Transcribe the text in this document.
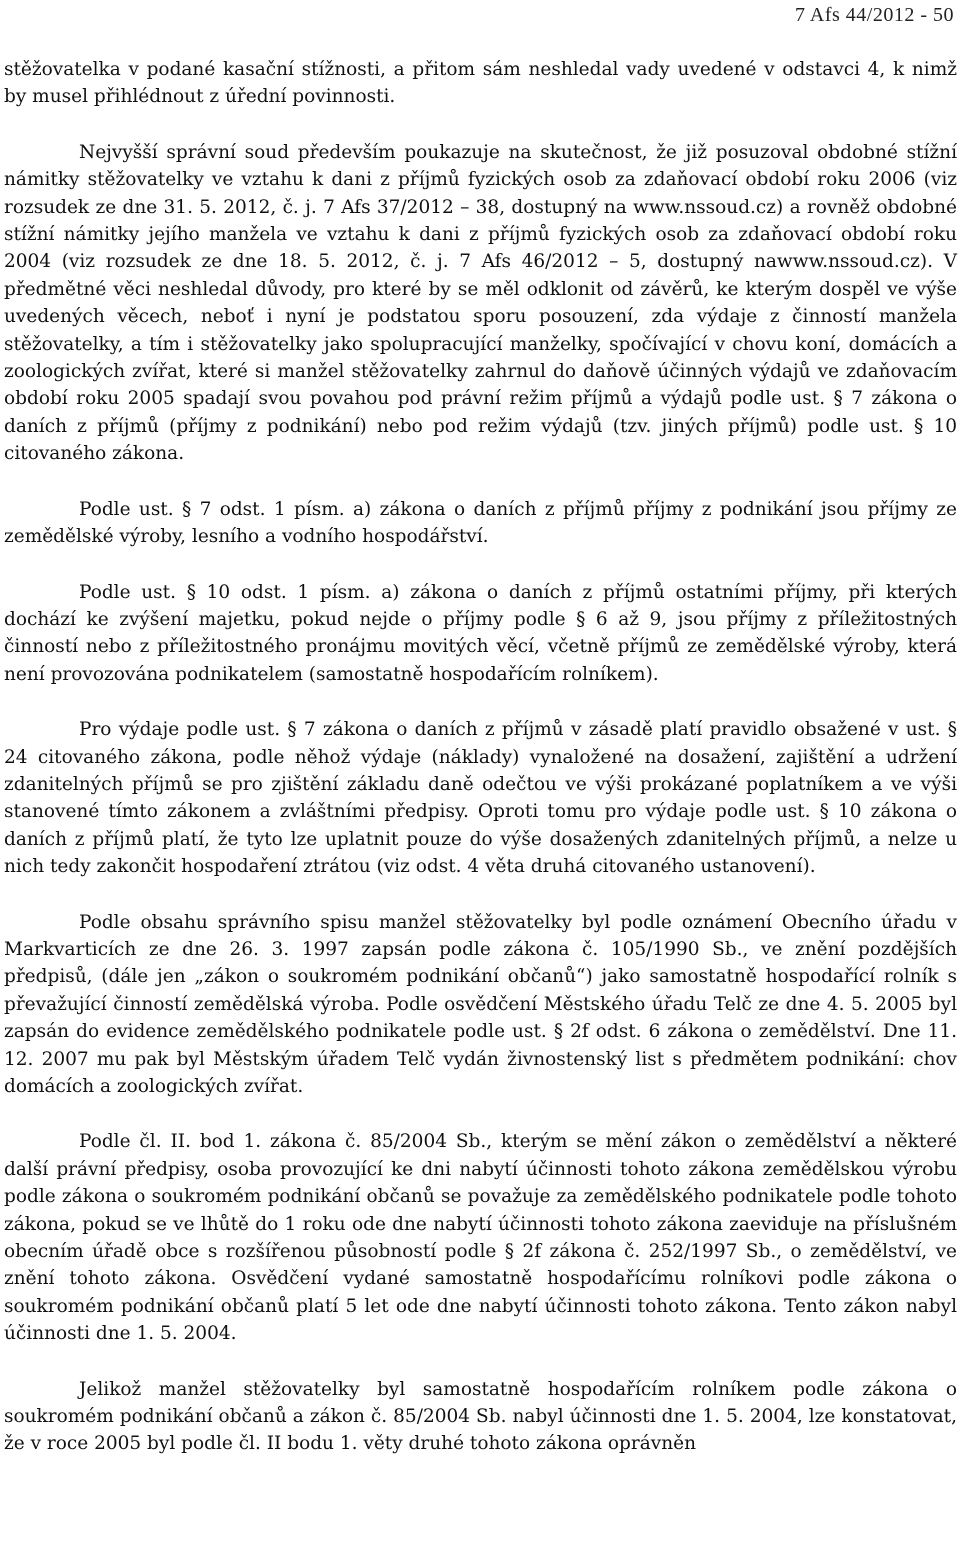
7 Afs 44/2012 - 50

stěžovatelka v podané kasační stížnosti, a přitom sám neshledal vady uvedené v odstavci 4, k nimž by musel přihlédnout z úřední povinnosti.

Nejvyšší správní soud především poukazuje na skutečnost, že již posuzoval obdobné stížní námitky stěžovatelky ve vztahu k dani z příjmů fyzických osob za zdaňovací období roku 2006 (viz rozsudek ze dne 31. 5. 2012, č. j. 7 Afs 37/2012 – 38, dostupný na www.nssoud.cz) a rovněž obdobné stížní námitky jejího manžela ve vztahu k dani z příjmů fyzických osob za zdaňovací období roku 2004 (viz rozsudek ze dne 18. 5. 2012, č. j. 7 Afs 46/2012 – 5, dostupný nawww.nssoud.cz). V předmětné věci neshledal důvody, pro které by se měl odklonit od závěrů, ke kterým dospěl ve výše uvedených věcech, neboť i nyní je podstatou sporu posouzení, zda výdaje z činností manžela stěžovatelky, a tím i stěžovatelky jako spolupracující manželky, spočívající v chovu koní, domácích a zoologických zvířat, které si manžel stěžovatelky zahrnul do daňově účinných výdajů ve zdaňovacím období roku 2005 spadají svou povahou pod právní režim příjmů a výdajů podle ust. § 7 zákona o daních z příjmů (příjmy z podnikání) nebo pod režim výdajů (tzv. jiných příjmů) podle ust. § 10 citovaného zákona.

Podle ust. § 7 odst. 1 písm. a) zákona o daních z příjmů příjmy z podnikání jsou příjmy ze zemědělské výroby, lesního a vodního hospodářství.

Podle ust. § 10 odst. 1 písm. a) zákona o daních z příjmů ostatními příjmy, při kterých dochází ke zvýšení majetku, pokud nejde o příjmy podle § 6 až 9, jsou příjmy z příležitostných činností nebo z příležitostného pronájmu movitých věcí, včetně příjmů ze zemědělské výroby, která není provozována podnikatelem (samostatně hospodařícím rolníkem).

Pro výdaje podle ust. § 7 zákona o daních z příjmů v zásadě platí pravidlo obsažené v ust. § 24 citovaného zákona, podle něhož výdaje (náklady) vynaložené na dosažení, zajištění a udržení zdanitelných příjmů se pro zjištění základu daně odečtou ve výši prokázané poplatníkem a ve výši stanovené tímto zákonem a zvláštními předpisy. Oproti tomu pro výdaje podle ust. § 10 zákona o daních z příjmů platí, že tyto lze uplatnit pouze do výše dosažených zdanitelných příjmů, a nelze u nich tedy zakončit hospodaření ztrátou (viz odst. 4 věta druhá citovaného ustanovení).

Podle obsahu správního spisu manžel stěžovatelky byl podle oznámení Obecního úřadu v Markvarticích ze dne 26. 3. 1997 zapsán podle zákona č. 105/1990 Sb., ve znění pozdějších předpisů, (dále jen „zákon o soukromém podnikání občanů“) jako samostatně hospodařící rolník s převažující činností zemědělská výroba. Podle osvědčení Městského úřadu Telč ze dne 4. 5. 2005 byl zapsán do evidence zemědělského podnikatele podle ust. § 2f odst. 6 zákona o zemědělství. Dne 11. 12. 2007 mu pak byl Městským úřadem Telč vydán živnostenský list s předmětem podnikání: chov domácích a zoologických zvířat.

Podle čl. II. bod 1. zákona č. 85/2004 Sb., kterým se mění zákon o zemědělství a některé další právní předpisy, osoba provozující ke dni nabytí účinnosti tohoto zákona zemědělskou výrobu podle zákona o soukromém podnikání občanů se považuje za zemědělského podnikatele podle tohoto zákona, pokud se ve lhůtě do 1 roku ode dne nabytí účinnosti tohoto zákona zaeviduje na příslušném obecním úřadě obce s rozšířenou působností podle § 2f zákona č. 252/1997 Sb., o zemědělství, ve znění tohoto zákona. Osvědčení vydané samostatně hospodařícímu rolníkovi podle zákona o soukromém podnikání občanů platí 5 let ode dne nabytí účinnosti tohoto zákona. Tento zákon nabyl účinnosti dne 1. 5. 2004.

Jelikož manžel stěžovatelky byl samostatně hospodařícím rolníkem podle zákona o soukromém podnikání občanů a zákon č. 85/2004 Sb. nabyl účinnosti dne 1. 5. 2004, lze konstatovat, že v roce 2005 byl podle čl. II bodu 1. věty druhé tohoto zákona oprávněn
